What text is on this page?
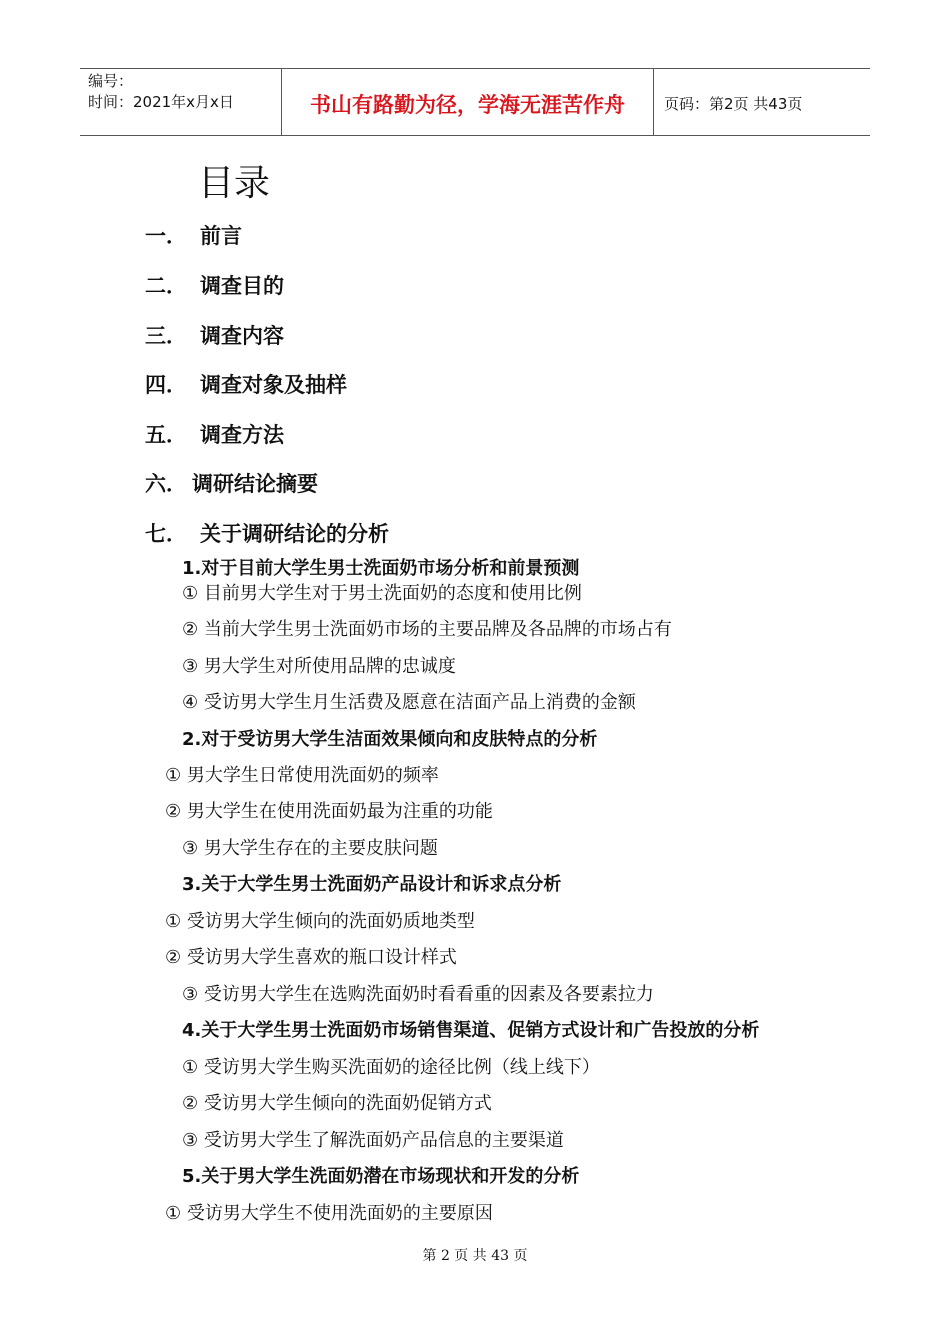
编号：
时间：2021年x月x日	书山有路勤为径，学海无涯苦作舟	页码：第2页 共43页
目录
一． 前言
二． 调查目的
三． 调查内容
四． 调查对象及抽样
五． 调查方法
六． 调研结论摘要
七． 关于调研结论的分析
1.对于目前大学生男士洗面奶市场分析和前景预测
① 目前男大学生对于男士洗面奶的态度和使用比例
② 当前大学生男士洗面奶市场的主要品牌及各品牌的市场占有
③ 男大学生对所使用品牌的忠诚度
④ 受访男大学生月生活费及愿意在洁面产品上消费的金额
2.对于受访男大学生洁面效果倾向和皮肤特点的分析
① 男大学生日常使用洗面奶的频率
② 男大学生在使用洗面奶最为注重的功能
③ 男大学生存在的主要皮肤问题
3.关于大学生男士洗面奶产品设计和诉求点分析
① 受访男大学生倾向的洗面奶质地类型
② 受访男大学生喜欢的瓶口设计样式
③ 受访男大学生在选购洗面奶时看看重的因素及各要素拉力
4.关于大学生男士洗面奶市场销售渠道、促销方式设计和广告投放的分析
① 受访男大学生购买洗面奶的途径比例（线上线下）
② 受访男大学生倾向的洗面奶促销方式
③ 受访男大学生了解洗面奶产品信息的主要渠道
5.关于男大学生洗面奶潜在市场现状和开发的分析
① 受访男大学生不使用洗面奶的主要原因
第 2 页 共 43 页
